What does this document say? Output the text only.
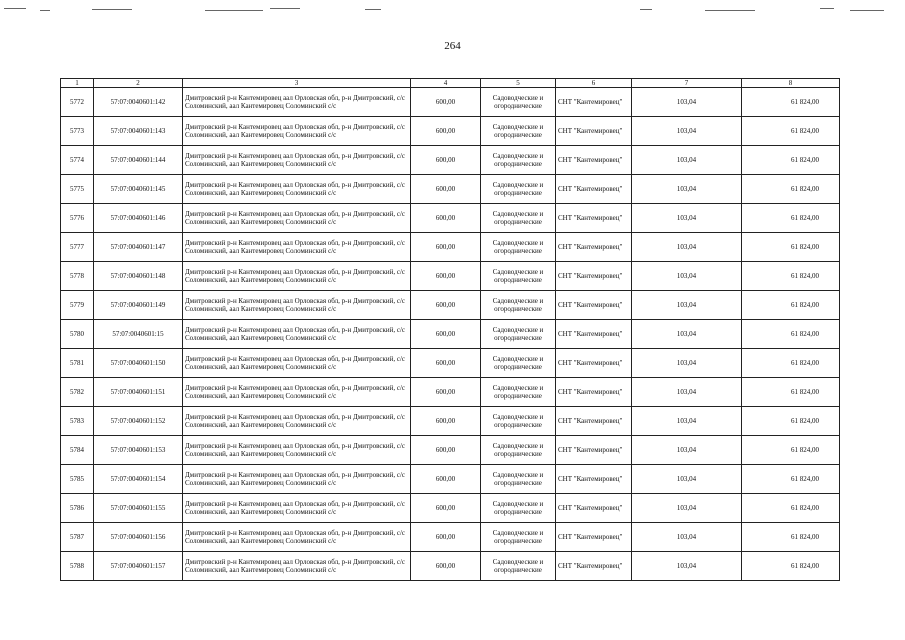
264
1	2	3	4	5	6	7	8
5772	57:07:0040601:142	Дмитровский р-н Кантемировец аал Орловская обл, р-н Дмитровский, с/с Соломинский, аал Кантемировец Соломинский с/с	600,00	Садоводческие и огороднические	СНТ "Кантемировец"	103,04	61 824,00
5773	57:07:0040601:143	Дмитровский р-н Кантемировец аал Орловская обл, р-н Дмитровский, с/с Соломинский, аал Кантемировец Соломинский с/с	600,00	Садоводческие и огороднические	СНТ "Кантемировец"	103,04	61 824,00
5774	57:07:0040601:144	Дмитровский р-н Кантемировец аал Орловская обл, р-н Дмитровский, с/с Соломинский, аал Кантемировец Соломинский с/с	600,00	Садоводческие и огороднические	СНТ "Кантемировец"	103,04	61 824,00
5775	57:07:0040601:145	Дмитровский р-н Кантемировец аал Орловская обл, р-н Дмитровский, с/с Соломинский, аал Кантемировец Соломинский с/с	600,00	Садоводческие и огороднические	СНТ "Кантемировец"	103,04	61 824,00
5776	57:07:0040601:146	Дмитровский р-н Кантемировец аал Орловская обл, р-н Дмитровский, с/с Соломинский, аал Кантемировец Соломинский с/с	600,00	Садоводческие и огороднические	СНТ "Кантемировец"	103,04	61 824,00
5777	57:07:0040601:147	Дмитровский р-н Кантемировец аал Орловская обл, р-н Дмитровский, с/с Соломинский, аал Кантемировец Соломинский с/с	600,00	Садоводческие и огороднические	СНТ "Кантемировец"	103,04	61 824,00
5778	57:07:0040601:148	Дмитровский р-н Кантемировец аал Орловская обл, р-н Дмитровский, с/с Соломинский, аал Кантемировец Соломинский с/с	600,00	Садоводческие и огороднические	СНТ "Кантемировец"	103,04	61 824,00
5779	57:07:0040601:149	Дмитровский р-н Кантемировец аал Орловская обл, р-н Дмитровский, с/с Соломинский, аал Кантемировец Соломинский с/с	600,00	Садоводческие и огороднические	СНТ "Кантемировец"	103,04	61 824,00
5780	57:07:0040601:15	Дмитровский р-н Кантемировец аал Орловская обл, р-н Дмитровский, с/с Соломинский, аал Кантемировец Соломинский с/с	600,00	Садоводческие и огороднические	СНТ "Кантемировец"	103,04	61 824,00
5781	57:07:0040601:150	Дмитровский р-н Кантемировец аал Орловская обл, р-н Дмитровский, с/с Соломинский, аал Кантемировец Соломинский с/с	600,00	Садоводческие и огороднические	СНТ "Кантемировец"	103,04	61 824,00
5782	57:07:0040601:151	Дмитровский р-н Кантемировец аал Орловская обл, р-н Дмитровский, с/с Соломинский, аал Кантемировец Соломинский с/с	600,00	Садоводческие и огороднические	СНТ "Кантемировец"	103,04	61 824,00
5783	57:07:0040601:152	Дмитровский р-н Кантемировец аал Орловская обл, р-н Дмитровский, с/с Соломинский, аал Кантемировец Соломинский с/с	600,00	Садоводческие и огороднические	СНТ "Кантемировец"	103,04	61 824,00
5784	57:07:0040601:153	Дмитровский р-н Кантемировец аал Орловская обл, р-н Дмитровский, с/с Соломинский, аал Кантемировец Соломинский с/с	600,00	Садоводческие и огороднические	СНТ "Кантемировец"	103,04	61 824,00
5785	57:07:0040601:154	Дмитровский р-н Кантемировец аал Орловская обл, р-н Дмитровский, с/с Соломинский, аал Кантемировец Соломинский с/с	600,00	Садоводческие и огороднические	СНТ "Кантемировец"	103,04	61 824,00
5786	57:07:0040601:155	Дмитровский р-н Кантемировец аал Орловская обл, р-н Дмитровский, с/с Соломинский, аал Кантемировец Соломинский с/с	600,00	Садоводческие и огороднические	СНТ "Кантемировец"	103,04	61 824,00
5787	57:07:0040601:156	Дмитровский р-н Кантемировец аал Орловская обл, р-н Дмитровский, с/с Соломинский, аал Кантемировец Соломинский с/с	600,00	Садоводческие и огороднические	СНТ "Кантемировец"	103,04	61 824,00
5788	57:07:0040601:157	Дмитровский р-н Кантемировец аал Орловская обл, р-н Дмитровский, с/с Соломинский, аал Кантемировец Соломинский с/с	600,00	Садоводческие и огороднические	СНТ "Кантемировец"	103,04	61 824,00
